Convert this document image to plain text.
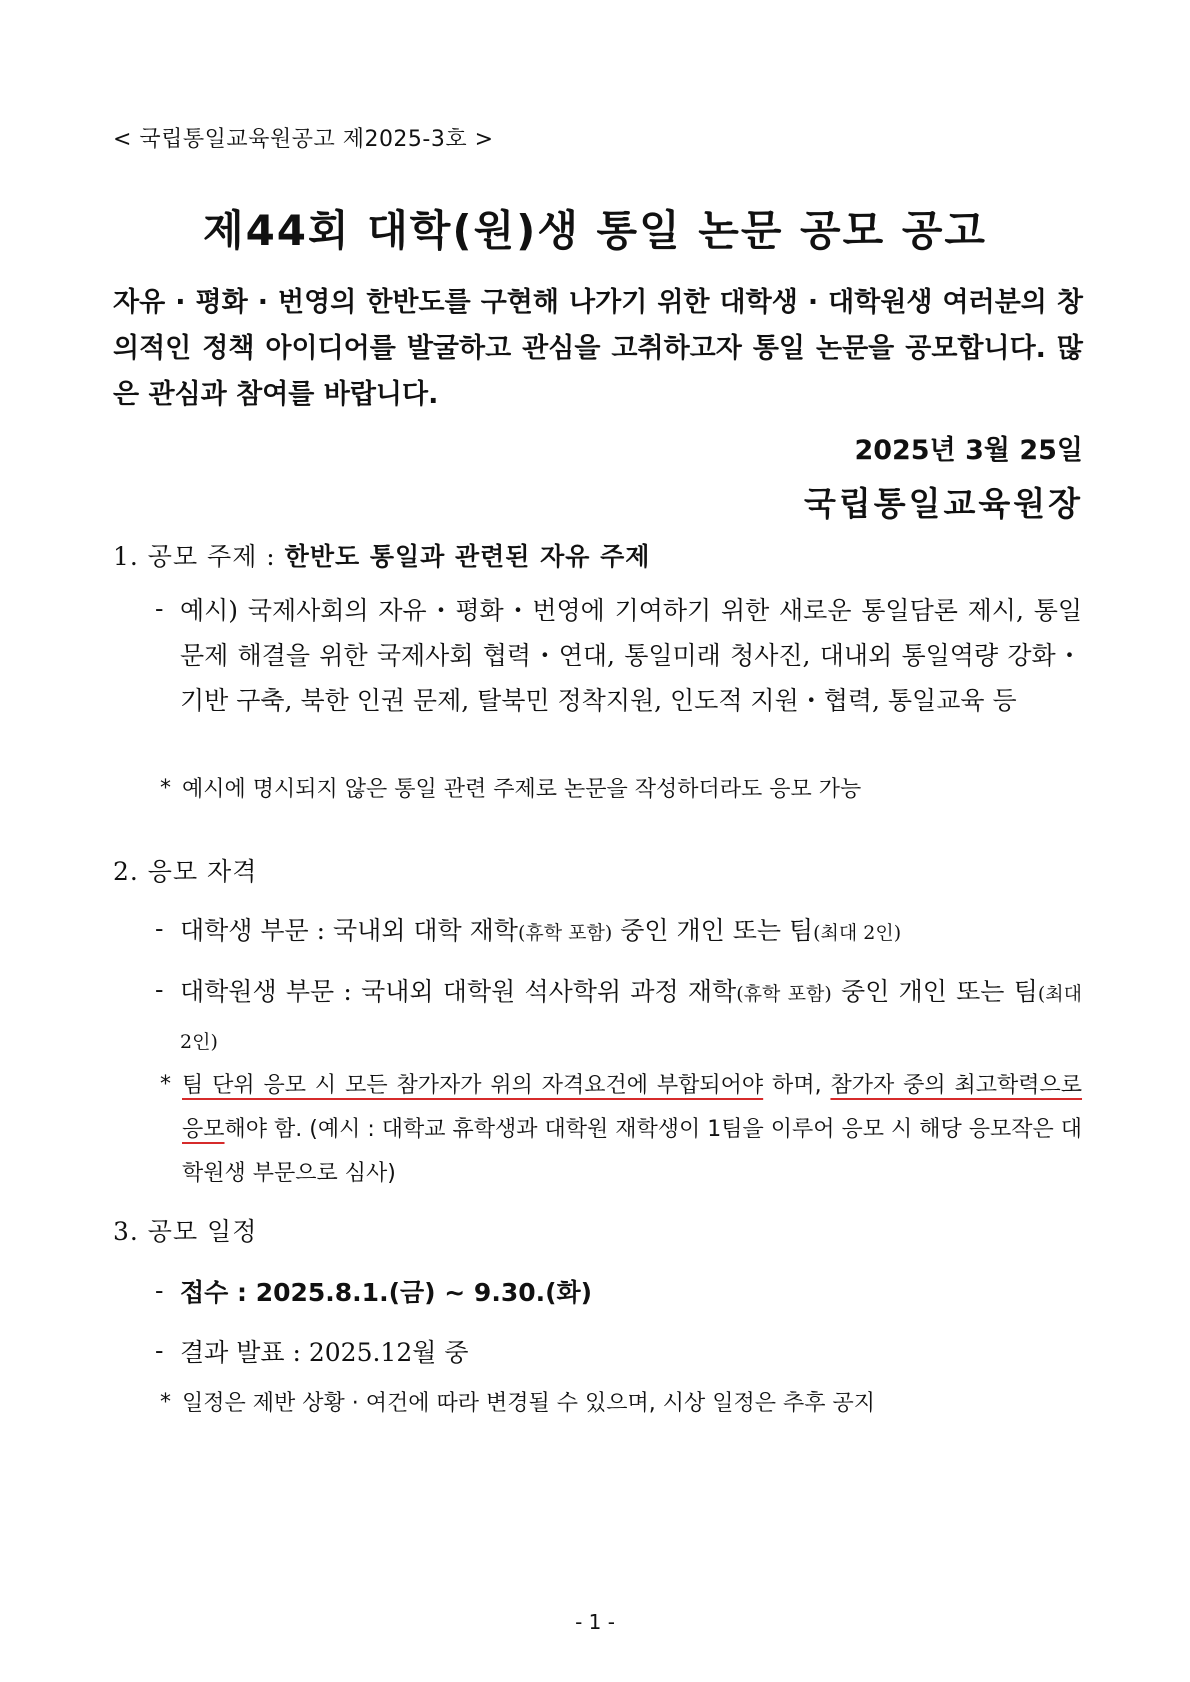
< 국립통일교육원공고 제2025-3호 >
제44회 대학(원)생 통일 논문 공모 공고
자유 · 평화 · 번영의 한반도를 구현해 나가기 위한 대학생 · 대학원생 여러분의 창의적인 정책 아이디어를 발굴하고 관심을 고취하고자 통일 논문을 공모합니다. 많은 관심과 참여를 바랍니다.
2025년 3월 25일
국립통일교육원장
1. 공모 주제 : 한반도 통일과 관련된 자유 주제
- 예시) 국제사회의 자유・평화・번영에 기여하기 위한 새로운 통일담론 제시, 통일 문제 해결을 위한 국제사회 협력・연대, 통일미래 청사진, 대내외 통일역량 강화・기반 구축, 북한 인권 문제, 탈북민 정착지원, 인도적 지원・협력, 통일교육 등
* 예시에 명시되지 않은 통일 관련 주제로 논문을 작성하더라도 응모 가능
2. 응모 자격
- 대학생 부문 : 국내외 대학 재학(휴학 포함) 중인 개인 또는 팀(최대 2인)
- 대학원생 부문 : 국내외 대학원 석사학위 과정 재학(휴학 포함) 중인 개인 또는 팀(최대 2인)
* 팀 단위 응모 시 모든 참가자가 위의 자격요건에 부합되어야 하며, 참가자 중의 최고학력으로 응모해야 함. (예시 : 대학교 휴학생과 대학원 재학생이 1팀을 이루어 응모 시 해당 응모작은 대학원생 부문으로 심사)
3. 공모 일정
- 접수 : 2025.8.1.(금) ~ 9.30.(화)
- 결과 발표 : 2025.12월 중
* 일정은 제반 상황 · 여건에 따라 변경될 수 있으며, 시상 일정은 추후 공지
- 1 -
